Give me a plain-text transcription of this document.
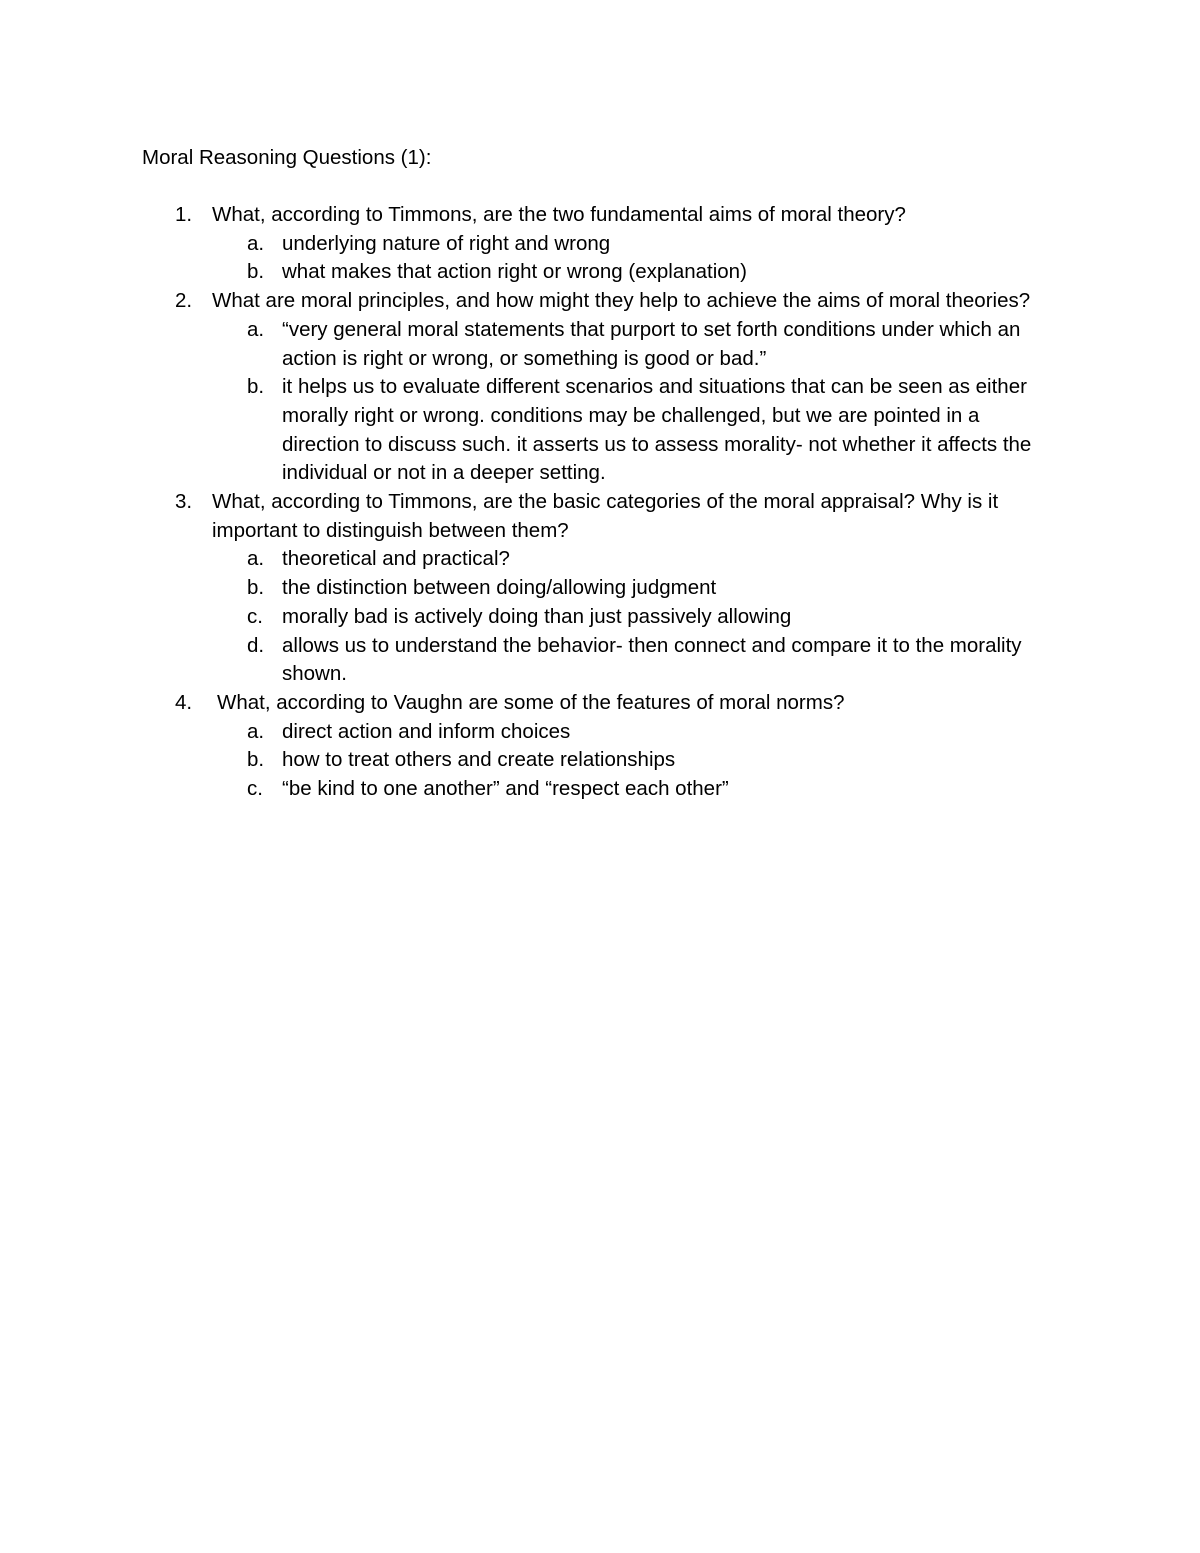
Moral Reasoning Questions (1):
1. What, according to Timmons, are the two fundamental aims of moral theory?
a. underlying nature of right and wrong
b. what makes that action right or wrong (explanation)
2. What are moral principles, and how might they help to achieve the aims of moral theories?
a. “very general moral statements that purport to set forth conditions under which an action is right or wrong, or something is good or bad.”
b. it helps us to evaluate different scenarios and situations that can be seen as either morally right or wrong. conditions may be challenged, but we are pointed in a direction to discuss such. it asserts us to assess morality- not whether it affects the individual or not in a deeper setting.
3. What, according to Timmons, are the basic categories of the moral appraisal? Why is it important to distinguish between them?
a. theoretical and practical?
b. the distinction between doing/allowing judgment
c. morally bad is actively doing than just passively allowing
d. allows us to understand the behavior- then connect and compare it to the morality shown.
4. What, according to Vaughn are some of the features of moral norms?
a. direct action and inform choices
b. how to treat others and create relationships
c. “be kind to one another” and “respect each other”
